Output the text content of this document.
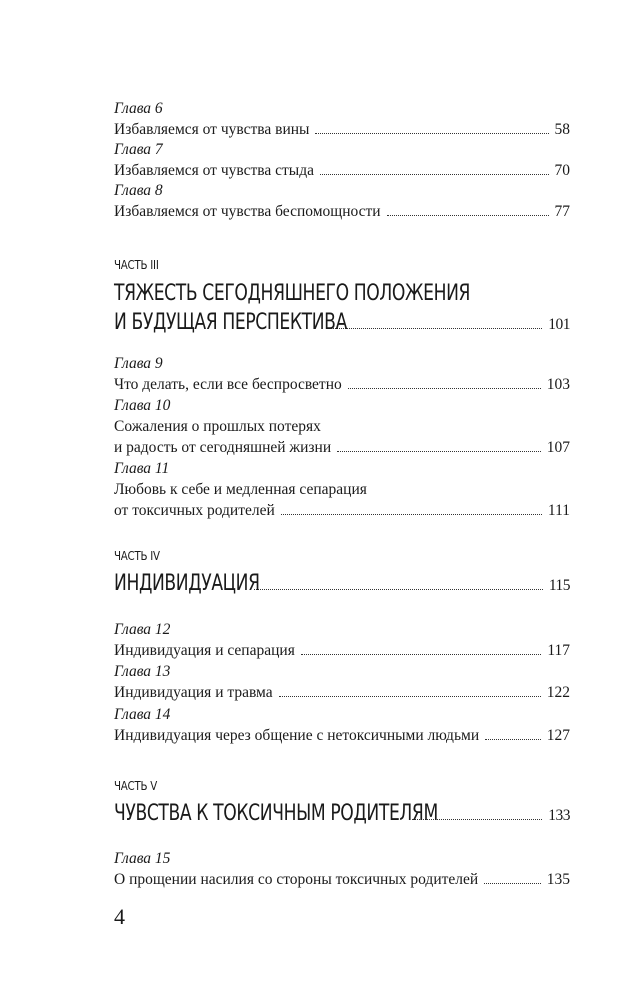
Глава 6
Избавляемся от чувства вины	58
Глава 7
Избавляемся от чувства стыда	70
Глава 8
Избавляемся от чувства беспомощности	77
ЧАСТЬ III
ТЯЖЕСТЬ СЕГОДНЯШНЕГО ПОЛОЖЕНИЯ
И БУДУЩАЯ ПЕРСПЕКТИВА	101
Глава 9
Что делать, если все беспросветно	103
Глава 10
Сожаления о прошлых потерях
и радость от сегодняшней жизни	107
Глава 11
Любовь к себе и медленная сепарация
от токсичных родителей	111
ЧАСТЬ IV
ИНДИВИДУАЦИЯ	115
Глава 12
Индивидуация и сепарация	117
Глава 13
Индивидуация и травма	122
Глава 14
Индивидуация через общение с нетоксичными людьми	127
ЧАСТЬ V
ЧУВСТВА К ТОКСИЧНЫМ РОДИТЕЛЯМ	133
Глава 15
О прощении насилия со стороны токсичных родителей	135
4
